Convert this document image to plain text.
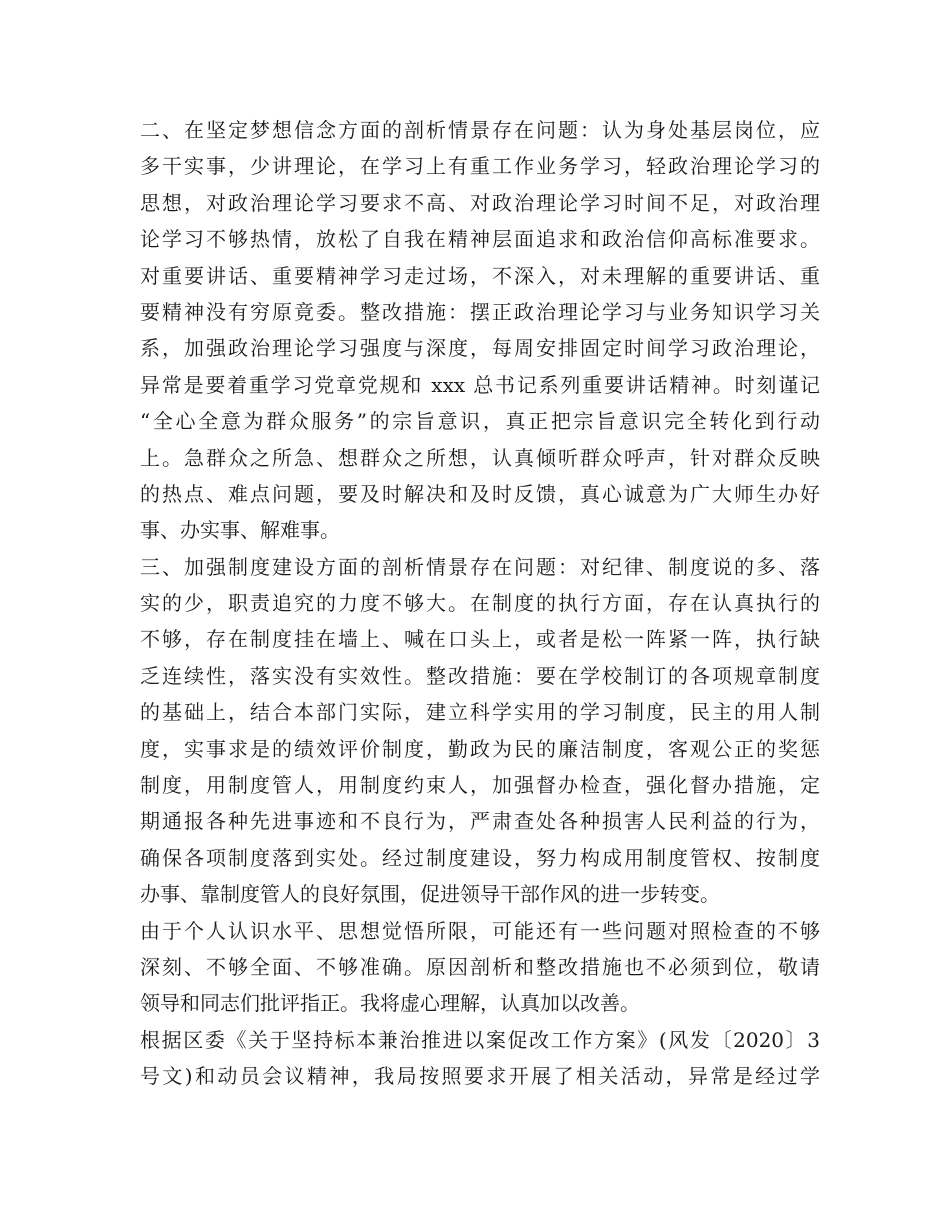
二、在坚定梦想信念方面的剖析情景存在问题：认为身处基层岗位，应
多干实事，少讲理论，在学习上有重工作业务学习，轻政治理论学习的
思想，对政治理论学习要求不高、对政治理论学习时间不足，对政治理
论学习不够热情，放松了自我在精神层面追求和政治信仰高标准要求。
对重要讲话、重要精神学习走过场，不深入，对未理解的重要讲话、重
要精神没有穷原竟委。整改措施：摆正政治理论学习与业务知识学习关
系，加强政治理论学习强度与深度，每周安排固定时间学习政治理论，
异常是要着重学习党章党规和 xxx 总书记系列重要讲话精神。时刻谨记
“全心全意为群众服务”的宗旨意识，真正把宗旨意识完全转化到行动
上。急群众之所急、想群众之所想，认真倾听群众呼声，针对群众反映
的热点、难点问题，要及时解决和及时反馈，真心诚意为广大师生办好
事、办实事、解难事。
三、加强制度建设方面的剖析情景存在问题：对纪律、制度说的多、落
实的少，职责追究的力度不够大。在制度的执行方面，存在认真执行的
不够，存在制度挂在墙上、喊在口头上，或者是松一阵紧一阵，执行缺
乏连续性，落实没有实效性。整改措施：要在学校制订的各项规章制度
的基础上，结合本部门实际，建立科学实用的学习制度，民主的用人制
度，实事求是的绩效评价制度，勤政为民的廉洁制度，客观公正的奖惩
制度，用制度管人，用制度约束人，加强督办检查，强化督办措施，定
期通报各种先进事迹和不良行为，严肃查处各种损害人民利益的行为，
确保各项制度落到实处。经过制度建设，努力构成用制度管权、按制度
办事、靠制度管人的良好氛围，促进领导干部作风的进一步转变。
由于个人认识水平、思想觉悟所限，可能还有一些问题对照检查的不够
深刻、不够全面、不够准确。原因剖析和整改措施也不必须到位，敬请
领导和同志们批评指正。我将虚心理解，认真加以改善。
根据区委《关于坚持标本兼治推进以案促改工作方案》(风发〔2020〕3
号文)和动员会议精神，我局按照要求开展了相关活动，异常是经过学
